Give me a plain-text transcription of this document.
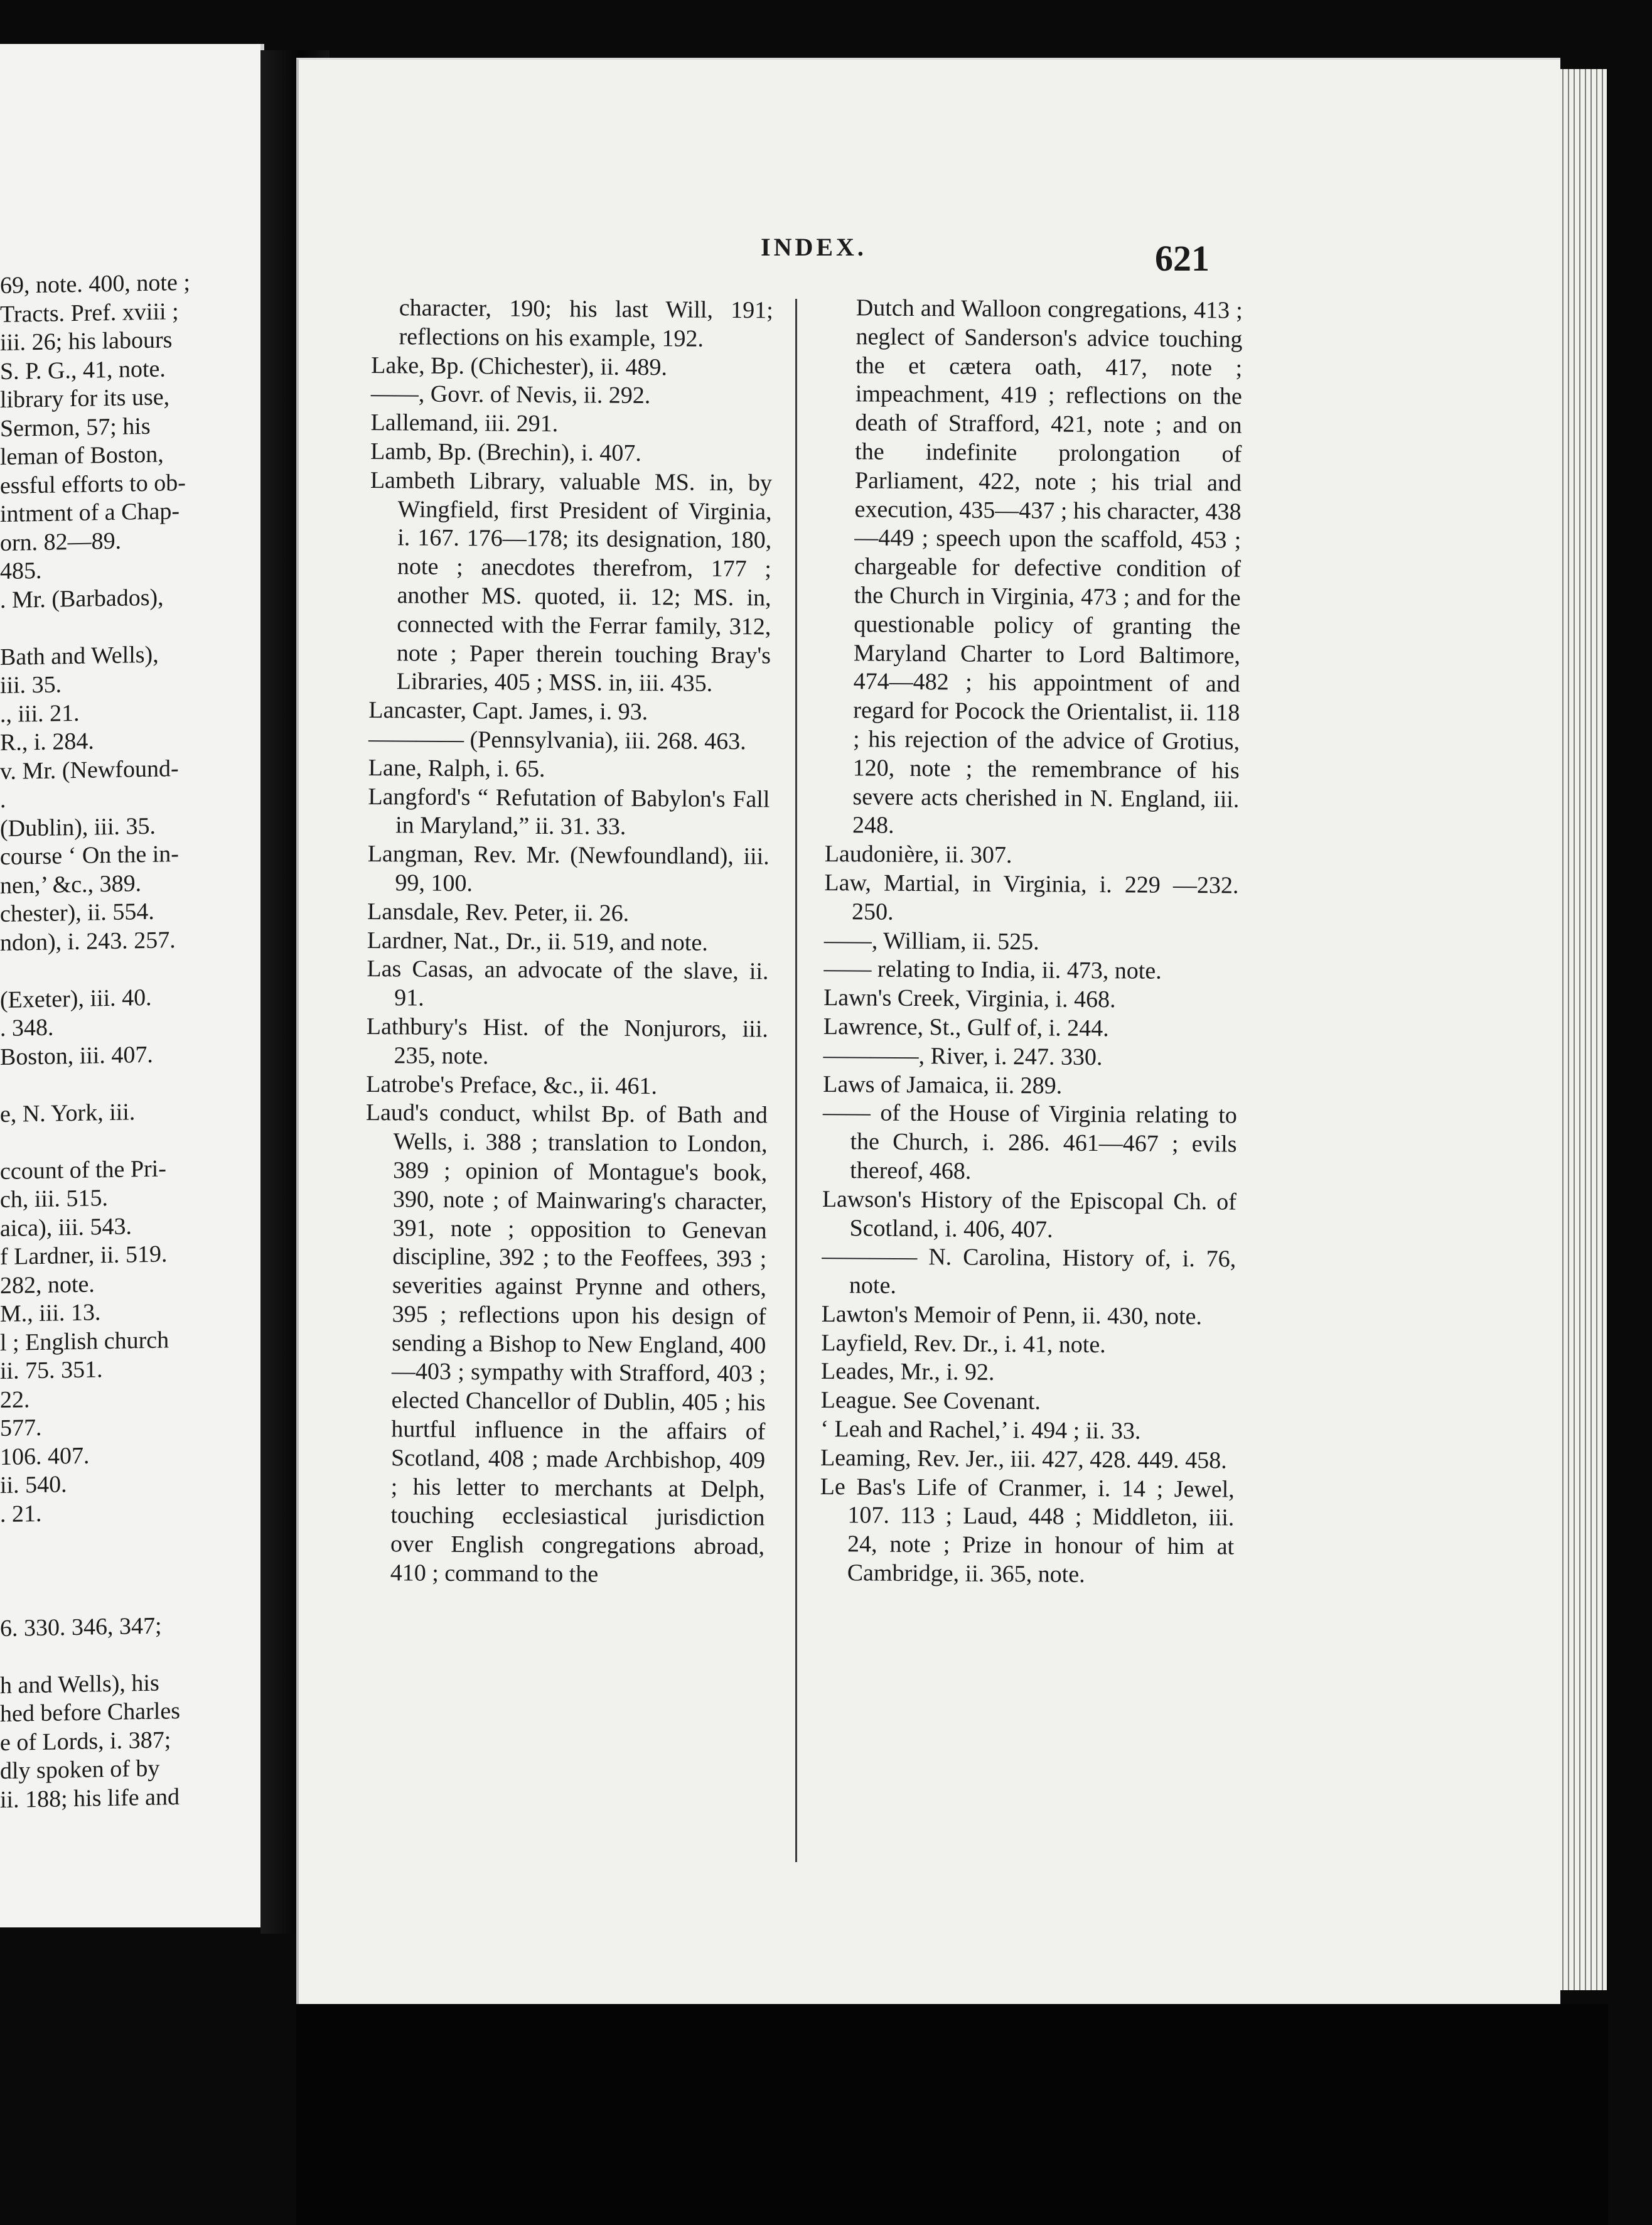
69, note. 400, note ;
Tracts. Pref. xviii ;
iii. 26; his labours
S. P. G., 41, note.
library for its use,
Sermon, 57; his
leman of Boston,
essful efforts to ob-
intment of a Chap-
orn. 82—89.
485.
. Mr. (Barbados),
Bath and Wells),
iii. 35.
., iii. 21.
R., i. 284.
v. Mr. (Newfound-
.
(Dublin), iii. 35.
course ‘ On the in-
nen,’ &c., 389.
chester), ii. 554.
ndon), i. 243. 257.
(Exeter), iii. 40.
. 348.
Boston, iii. 407.
e, N. York, iii.
ccount of the Pri-
ch, iii. 515.
aica), iii. 543.
f Lardner, ii. 519.
282, note.
M., iii. 13.
l ; English church
ii. 75. 351.
22.
577.
106. 407.
ii. 540.
. 21.
6. 330. 346, 347;
h and Wells), his
hed before Charles
e of Lords, i. 387;
dly spoken of by
ii. 188; his life and
INDEX.	621
character, 190; his last Will, 191; reflections on his example, 192.
Lake, Bp. (Chichester), ii. 489.
——, Govr. of Nevis, ii. 292.
Lallemand, iii. 291.
Lamb, Bp. (Brechin), i. 407.
Lambeth Library, valuable MS. in, by Wingfield, first President of Virginia, i. 167. 176—178; its designation, 180, note ; anecdotes therefrom, 177 ; another MS. quoted, ii. 12; MS. in, connected with the Ferrar family, 312, note ; Paper therein touching Bray's Libraries, 405 ; MSS. in, iii. 435.
Lancaster, Capt. James, i. 93.
———— (Pennsylvania), iii. 268. 463.
Lane, Ralph, i. 65.
Langford's “ Refutation of Babylon's Fall in Maryland,” ii. 31. 33.
Langman, Rev. Mr. (Newfoundland), iii. 99, 100.
Lansdale, Rev. Peter, ii. 26.
Lardner, Nat., Dr., ii. 519, and note.
Las Casas, an advocate of the slave, ii. 91.
Lathbury's Hist. of the Nonjurors, iii. 235, note.
Latrobe's Preface, &c., ii. 461.
Laud's conduct, whilst Bp. of Bath and Wells, i. 388 ; translation to London, 389 ; opinion of Montague's book, 390, note ; of Mainwaring's character, 391, note ; opposition to Genevan discipline, 392 ; to the Feoffees, 393 ; severities against Prynne and others, 395 ; reflections upon his design of sending a Bishop to New England, 400—403 ; sympathy with Strafford, 403 ; elected Chancellor of Dublin, 405 ; his hurtful influence in the affairs of Scotland, 408 ; made Archbishop, 409 ; his letter to merchants at Delph, touching ecclesiastical jurisdiction over English congregations abroad, 410 ; command to the
Dutch and Walloon congregations, 413 ; neglect of Sanderson's advice touching the et cætera oath, 417, note ; impeachment, 419 ; reflections on the death of Strafford, 421, note ; and on the indefinite prolongation of Parliament, 422, note ; his trial and execution, 435—437 ; his character, 438—449 ; speech upon the scaffold, 453 ; chargeable for defective condition of the Church in Virginia, 473 ; and for the questionable policy of granting the Maryland Charter to Lord Baltimore, 474—482 ; his appointment of and regard for Pocock the Orientalist, ii. 118 ; his rejection of the advice of Grotius, 120, note ; the remembrance of his severe acts cherished in N. England, iii. 248.
Laudonière, ii. 307.
Law, Martial, in Virginia, i. 229 —232. 250.
——, William, ii. 525.
—— relating to India, ii. 473, note.
Lawn's Creek, Virginia, i. 468.
Lawrence, St., Gulf of, i. 244.
————, River, i. 247. 330.
Laws of Jamaica, ii. 289.
—— of the House of Virginia relating to the Church, i. 286. 461—467 ; evils thereof, 468.
Lawson's History of the Episcopal Ch. of Scotland, i. 406, 407.
———— N. Carolina, History of, i. 76, note.
Lawton's Memoir of Penn, ii. 430, note.
Layfield, Rev. Dr., i. 41, note.
Leades, Mr., i. 92.
League. See Covenant.
‘ Leah and Rachel,’ i. 494 ; ii. 33.
Leaming, Rev. Jer., iii. 427, 428. 449. 458.
Le Bas's Life of Cranmer, i. 14 ; Jewel, 107. 113 ; Laud, 448 ; Middleton, iii. 24, note ; Prize in honour of him at Cambridge, ii. 365, note.
